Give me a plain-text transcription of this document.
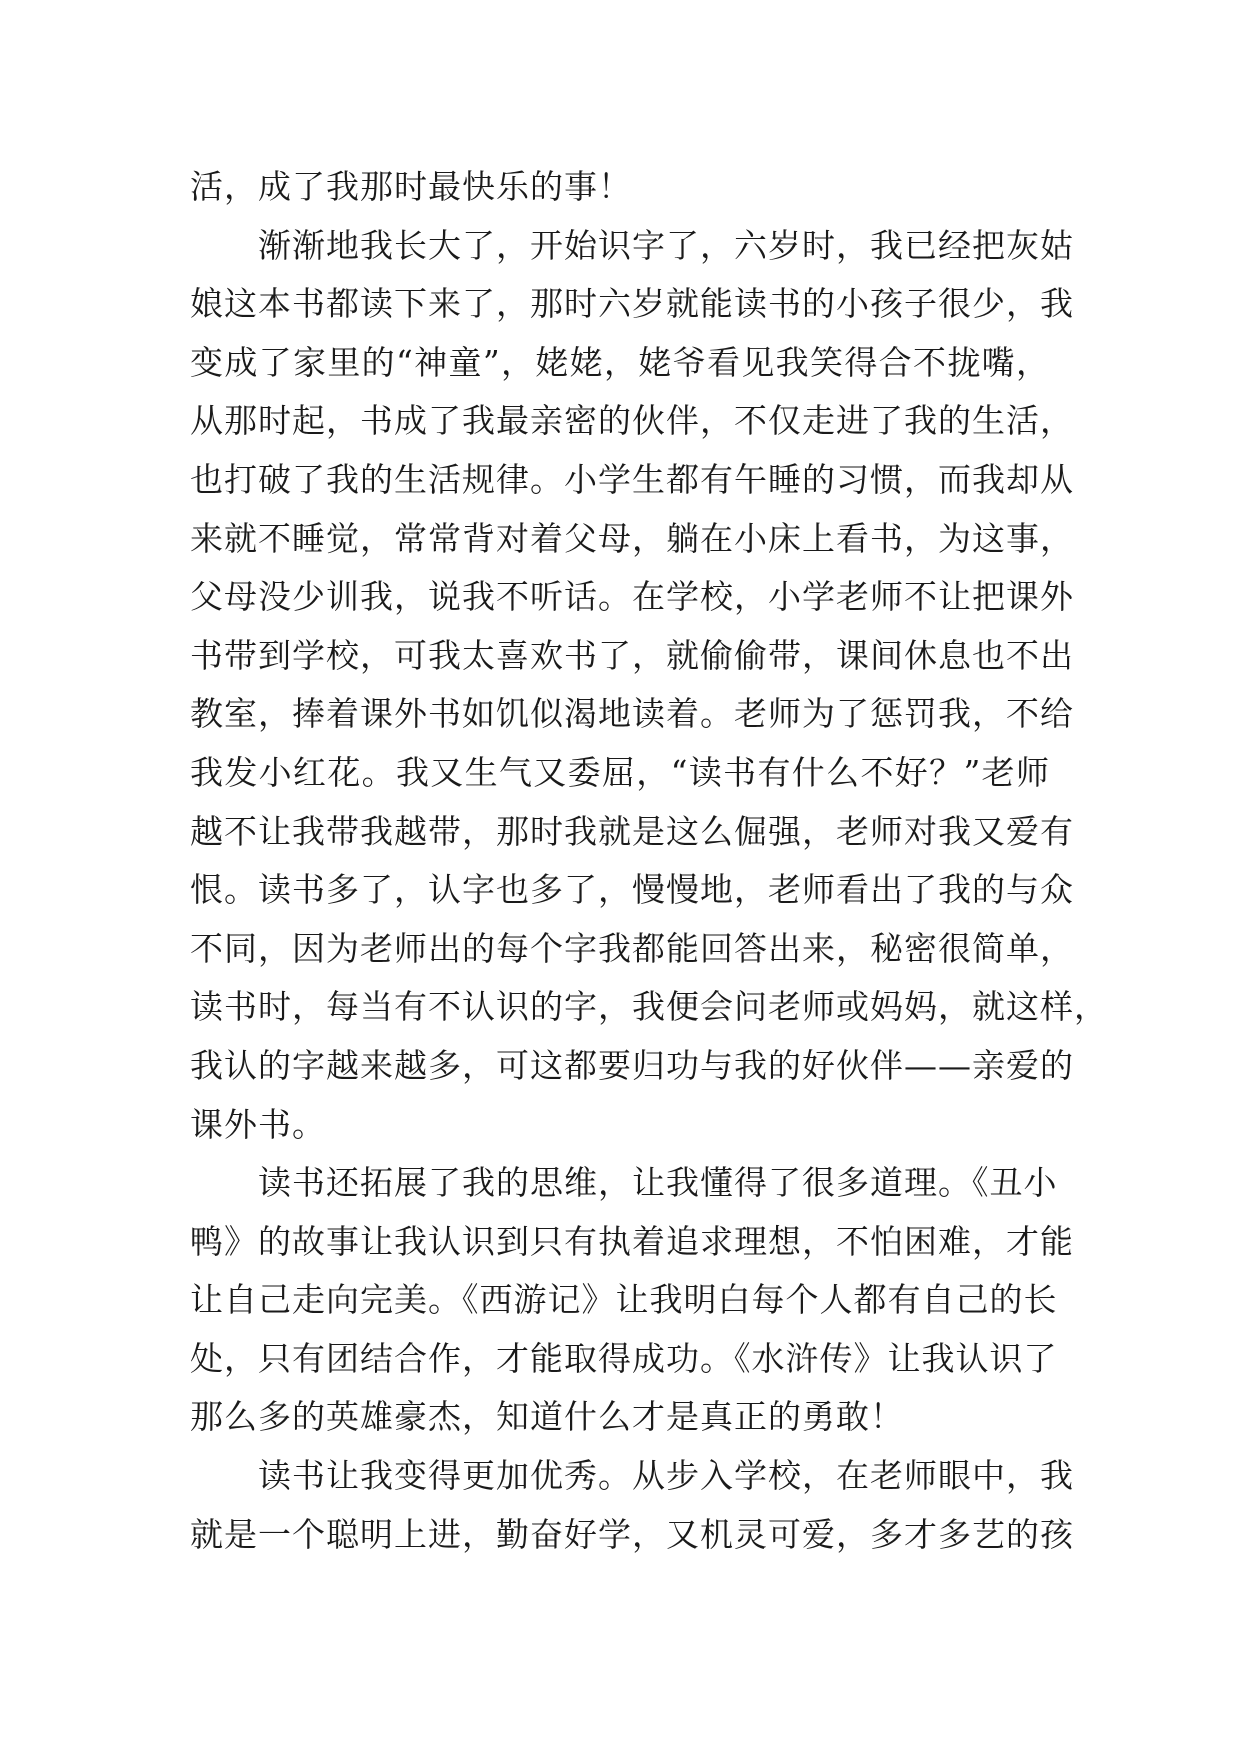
活，成了我那时最快乐的事！
渐渐地我长大了，开始识字了，六岁时，我已经把灰姑
娘这本书都读下来了，那时六岁就能读书的小孩子很少，我
变成了家里的“神童”，姥姥，姥爷看见我笑得合不拢嘴，
从那时起，书成了我最亲密的伙伴，不仅走进了我的生活，
也打破了我的生活规律。小学生都有午睡的习惯，而我却从
来就不睡觉，常常背对着父母，躺在小床上看书，为这事，
父母没少训我，说我不听话。在学校，小学老师不让把课外
书带到学校，可我太喜欢书了，就偷偷带，课间休息也不出
教室，捧着课外书如饥似渴地读着。老师为了惩罚我，不给
我发小红花。我又生气又委屈，“读书有什么不好？”老师
越不让我带我越带，那时我就是这么倔强，老师对我又爱有
恨。读书多了，认字也多了，慢慢地，老师看出了我的与众
不同，因为老师出的每个字我都能回答出来，秘密很简单，
读书时，每当有不认识的字，我便会问老师或妈妈，就这样，
我认的字越来越多，可这都要归功与我的好伙伴——亲爱的
课外书。
读书还拓展了我的思维，让我懂得了很多道理。《丑小
鸭》的故事让我认识到只有执着追求理想，不怕困难，才能
让自己走向完美。《西游记》让我明白每个人都有自己的长
处，只有团结合作，才能取得成功。《水浒传》让我认识了
那么多的英雄豪杰，知道什么才是真正的勇敢！
读书让我变得更加优秀。从步入学校，在老师眼中，我
就是一个聪明上进，勤奋好学，又机灵可爱，多才多艺的孩
